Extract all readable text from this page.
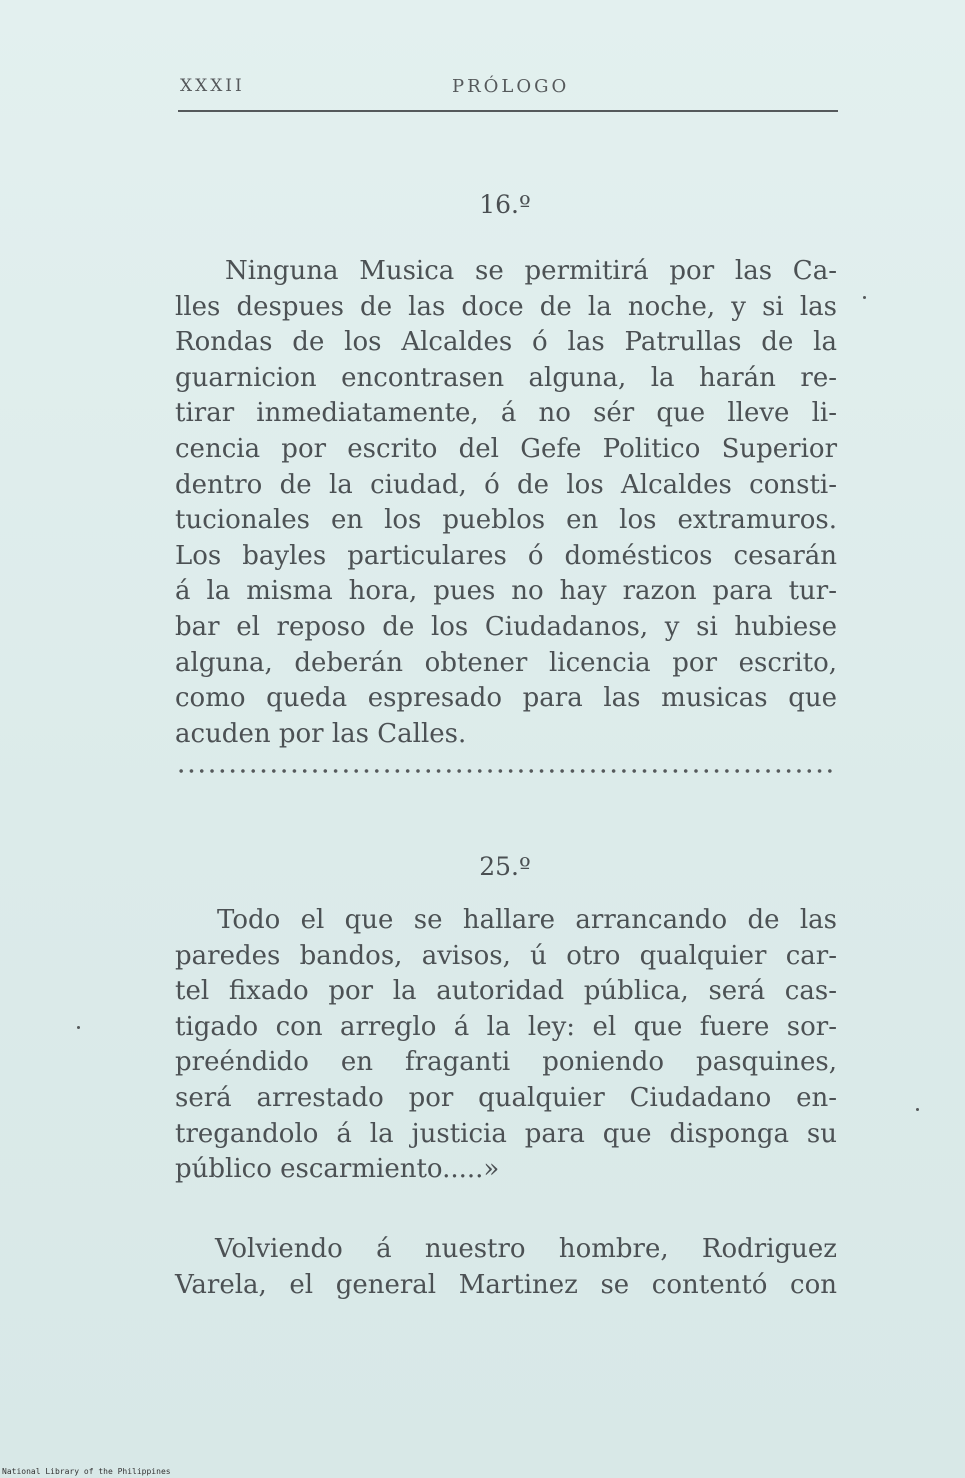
XXXII	PRÓLOGO
16.º
Ninguna Musica se permitirá por las Ca-
lles despues de las doce de la noche, y si las
Rondas de los Alcaldes ó las Patrullas de la
guarnicion encontrasen alguna, la harán re-
tirar inmediatamente, á no sér que lleve li-
cencia por escrito del Gefe Politico Superior
dentro de la ciudad, ó de los Alcaldes consti-
tucionales en los pueblos en los extramuros.
Los bayles particulares ó domésticos cesarán
á la misma hora, pues no hay razon para tur-
bar el reposo de los Ciudadanos, y si hubiese
alguna, deberán obtener licencia por escrito,
como queda espresado para las musicas que
acuden por las Calles.
25.º
Todo el que se hallare arrancando de las
paredes bandos, avisos, ú otro qualquier car-
tel fixado por la autoridad pública, será cas-
tigado con arreglo á la ley: el que fuere sor-
preéndido en fraganti poniendo pasquines,
será arrestado por qualquier Ciudadano en-
tregandolo á la justicia para que disponga su
público escarmiento.....»
Volviendo á nuestro hombre, Rodriguez
Varela, el general Martinez se contentó con
National Library of the Philippines
